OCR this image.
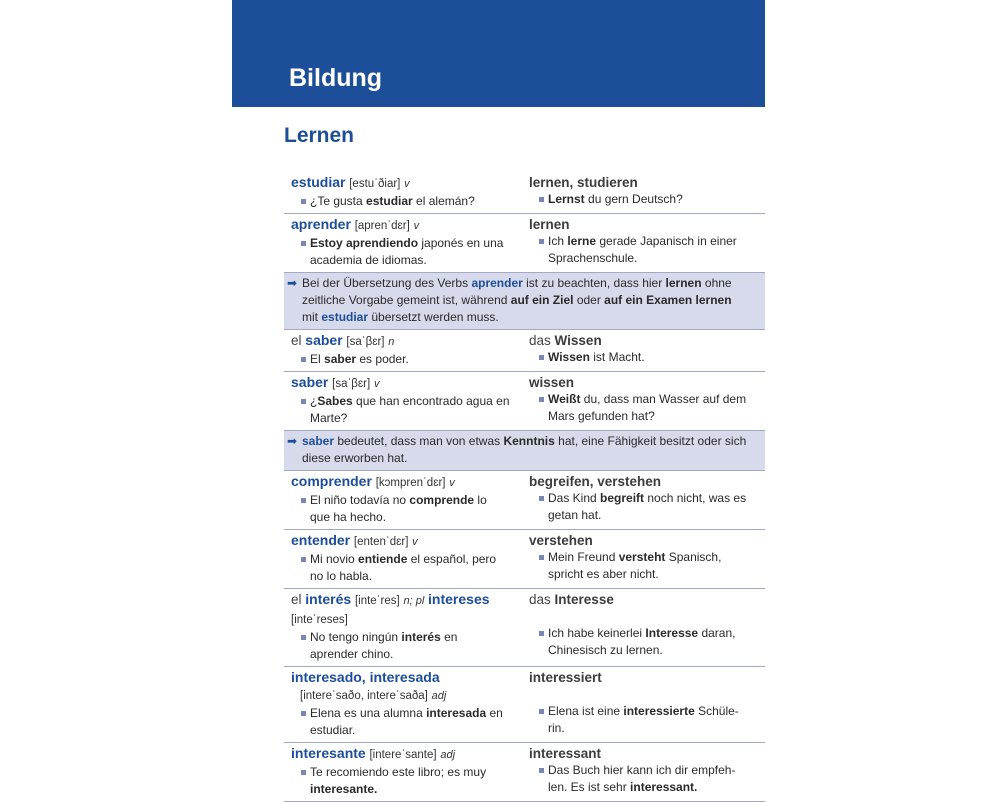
Bildung
Lernen
estudiar [estuˈðiar] v
¿Te gusta estudiar el alemán?
lernen, studieren
Lernst du gern Deutsch?
aprender [aprenˈdɛr] v
Estoy aprendiendo japonés en una
academia de idiomas.
lernen
Ich lerne gerade Japanisch in einer
Sprachenschule.
➡ Bei der Übersetzung des Verbs aprender ist zu beachten, dass hier lernen ohne
zeitliche Vorgabe gemeint ist, während auf ein Ziel oder auf ein Examen lernen
mit estudiar übersetzt werden muss.
el saber [saˈβɛr] n
El saber es poder.
das Wissen
Wissen ist Macht.
saber [saˈβɛr] v
¿Sabes que han encontrado agua en
Marte?
wissen
Weißt du, dass man Wasser auf dem
Mars gefunden hat?
➡ saber bedeutet, dass man von etwas Kenntnis hat, eine Fähigkeit besitzt oder sich
diese erworben hat.
comprender [kɔmprenˈdɛr] v
El niño todavía no comprende lo
que ha hecho.
begreifen, verstehen
Das Kind begreift noch nicht, was es
getan hat.
entender [entenˈdɛr] v
Mi novio entiende el español, pero
no lo habla.
verstehen
Mein Freund versteht Spanisch,
spricht es aber nicht.
el interés [inteˈres] n; pl intereses
[inteˈreses]
No tengo ningún interés en
aprender chino.
das Interesse
Ich habe keinerlei Interesse daran,
Chinesisch zu lernen.
interesado, interesada
[intereˈsaðo, intereˈsaða] adj
Elena es una alumna interesada en
estudiar.
interessiert
Elena ist eine interessierte Schüle-
rin.
interesante [intereˈsante] adj
Te recomiendo este libro; es muy
interesante.
interessant
Das Buch hier kann ich dir empfeh-
len. Es ist sehr interessant.
